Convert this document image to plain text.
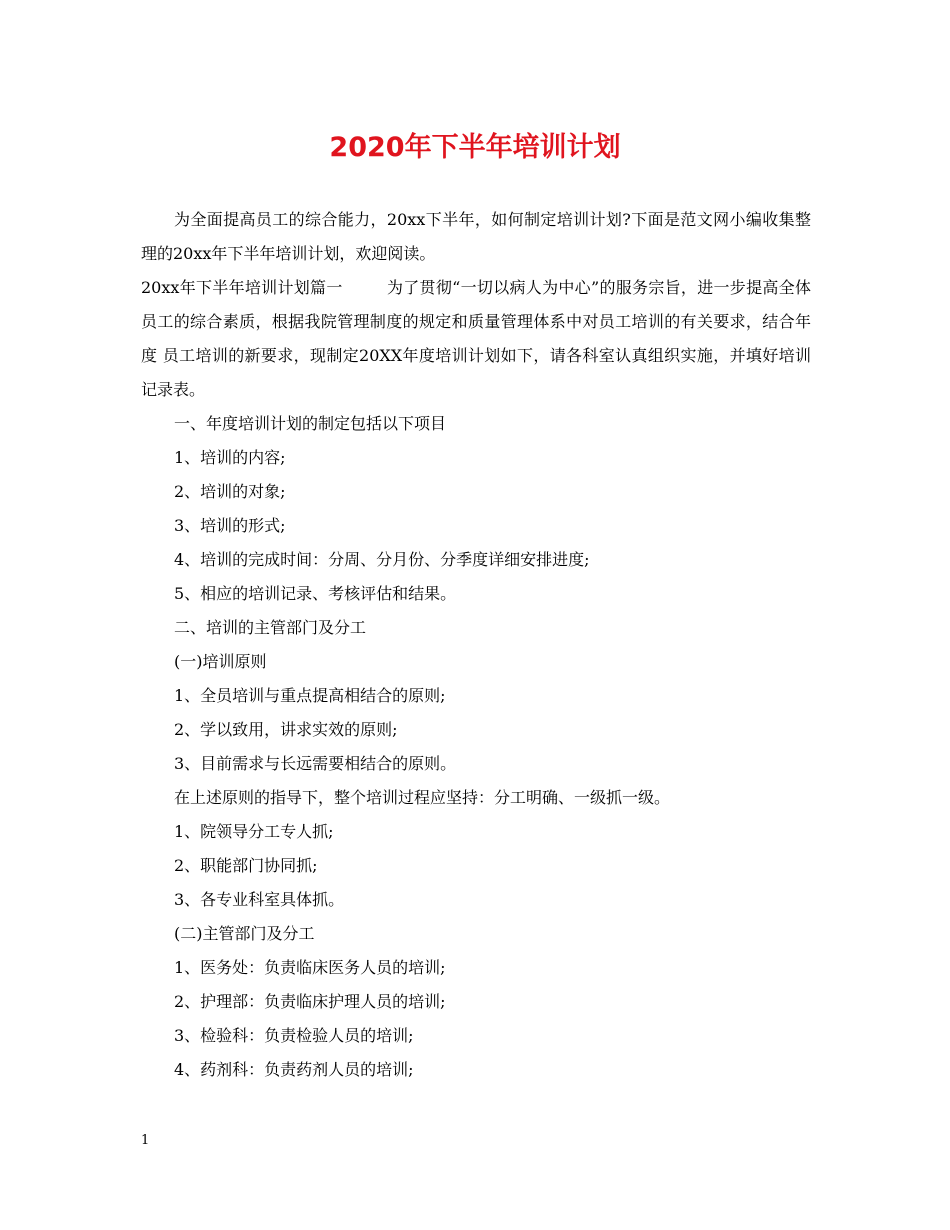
2020年下半年培训计划

为全面提高员工的综合能力，20xx下半年，如何制定培训计划?下面是范文网小编收集整理的20xx年下半年培训计划，欢迎阅读。

20xx年下半年培训计划篇一	为了贯彻“一切以病人为中心”的服务宗旨，进一步提高全体员工的综合素质，根据我院管理制度的规定和质量管理体系中对员工培训的有关要求，结合年度 员工培训的新要求，现制定20XX年度培训计划如下，请各科室认真组织实施，并填好培训记录表。

一、年度培训计划的制定包括以下项目

1、培训的内容;

2、培训的对象;

3、培训的形式;

4、培训的完成时间：分周、分月份、分季度详细安排进度;

5、相应的培训记录、考核评估和结果。

二、培训的主管部门及分工

(一)培训原则

1、全员培训与重点提高相结合的原则;

2、学以致用，讲求实效的原则;

3、目前需求与长远需要相结合的原则。

在上述原则的指导下，整个培训过程应坚持：分工明确、一级抓一级。

1、院领导分工专人抓;

2、职能部门协同抓;

3、各专业科室具体抓。

(二)主管部门及分工

1、医务处：负责临床医务人员的培训;

2、护理部：负责临床护理人员的培训;

3、检验科：负责检验人员的培训;

4、药剂科：负责药剂人员的培训;

1
